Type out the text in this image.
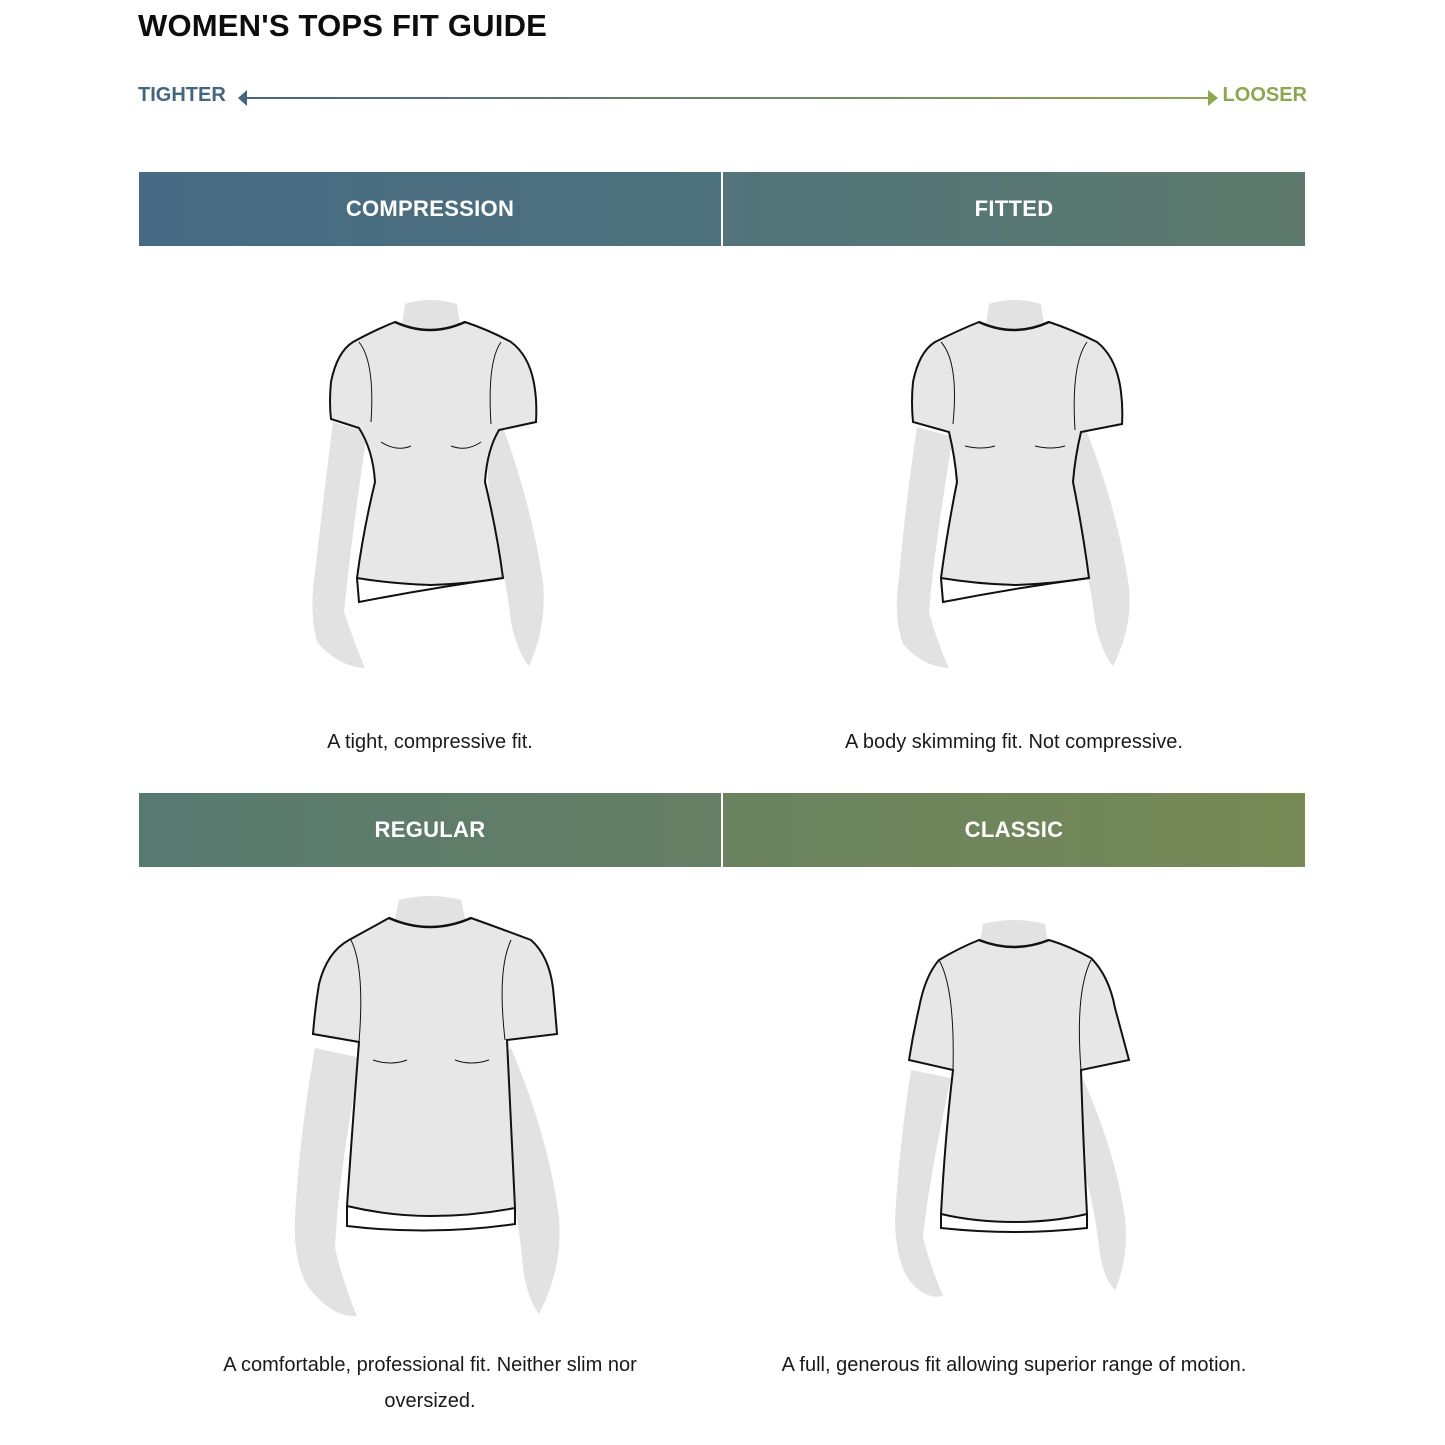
WOMEN'S TOPS FIT GUIDE
TIGHTER	LOOSER
COMPRESSION
A tight, compressive fit.
FITTED
A body skimming fit. Not compressive.
REGULAR
A comfortable, professional fit. Neither slim nor oversized.
CLASSIC
A full, generous fit allowing superior range of motion.
